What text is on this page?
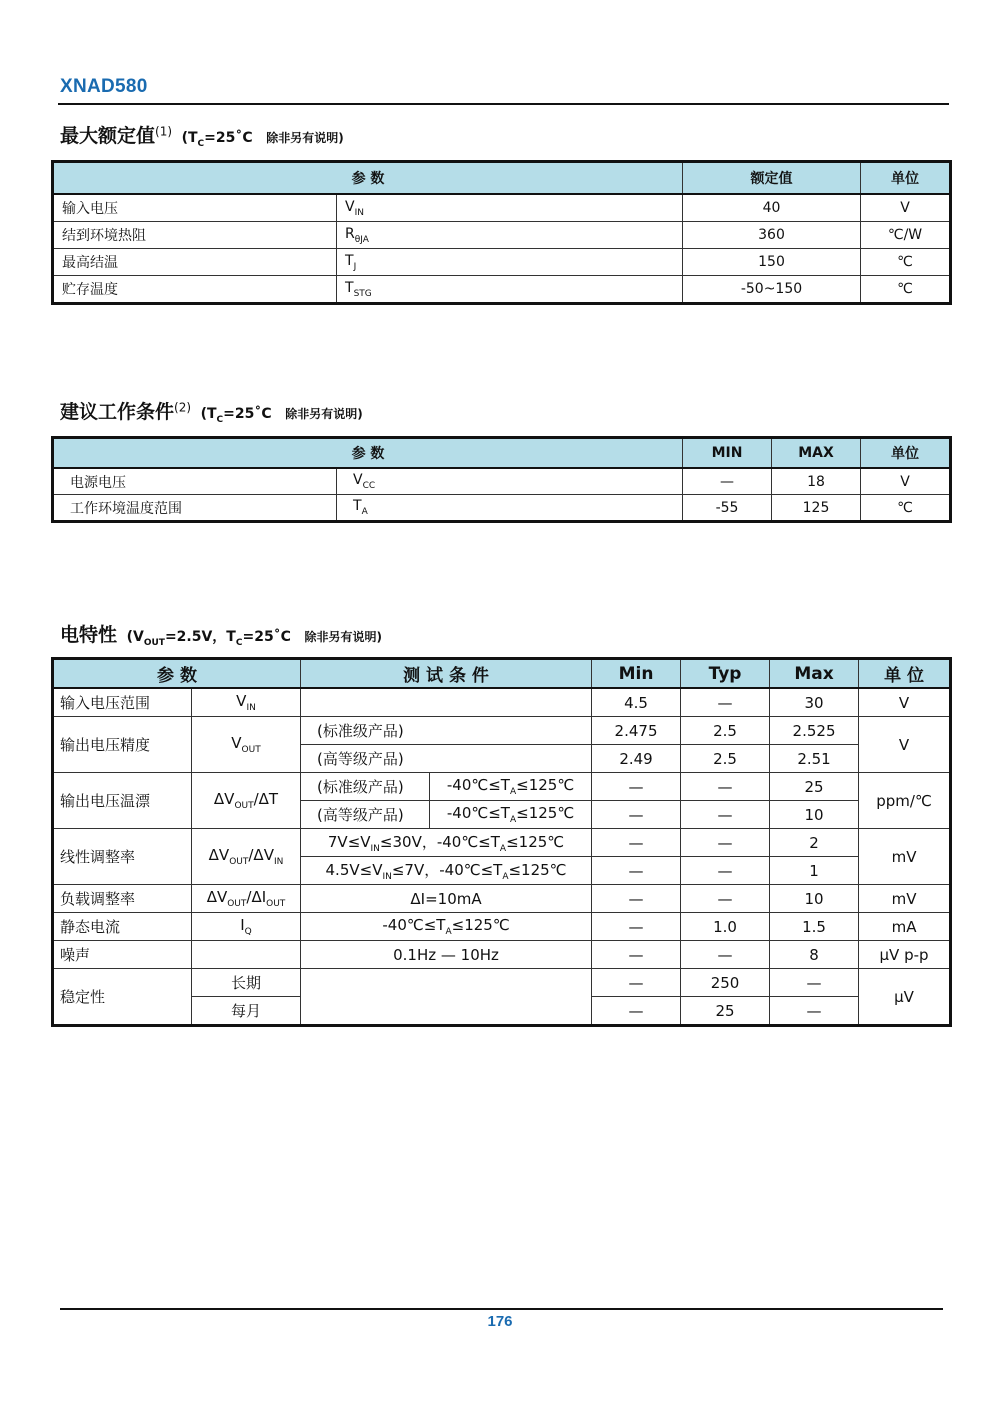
XNAD580
最大额定值$^{(1)}$ ($T_C=25˚C$ 除非另有说明)
参 数		额定值	单位
输入电压	$V_{IN}$	40	V
结到环境热阻	$R_{\theta JA}$	360	℃/W
最高结温	$T_J$	150	℃
贮存温度	$T_{STG}$	-50~150	℃
建议工作条件$^{(2)}$ ($T_C=25˚C$ 除非另有说明)
参 数		MIN	MAX	单位
电源电压	$V_{CC}$	—	18	V
工作环境温度范围	$T_A$	-55	125	℃
电特性 ($V_{OUT}=2.5V$，$T_C=25˚C$ 除非另有说明)
参 数		测 试 条 件		Min	Typ	Max	单 位
输入电压范围	$V_{IN}$			4.5	—	30	V
输出电压精度	$V_{OUT}$	(标准级产品)		2.475	2.5	2.525	V
		(高等级产品)		2.49	2.5	2.51	
输出电压温漂	$\Delta V_{OUT}/\Delta T$	(标准级产品)	$-40℃\le T_A\le 125℃$	—	—	25	ppm/℃
		(高等级产品)	$-40℃\le T_A\le 125℃$	—	—	10	
线性调整率	$\Delta V_{OUT}/\Delta V_{IN}$	$7V\le V_{IN}\le 30V$，$-40℃\le T_A\le 125℃$		—	—	2	mV
		$4.5V\le V_{IN}\le 7V$，$-40℃\le T_A\le 125℃$		—	—	1	
负载调整率	$\Delta V_{OUT}/\Delta I_{OUT}$	ΔI=10mA		—	—	10	mV
静态电流	$I_Q$	$-40℃\le T_A\le 125℃$		—	1.0	1.5	mA
噪声		0.1Hz — 10Hz		—	—	8	μV p-p
稳定性	长期			—	250	—	μV
	每月			—	25	—	
176
